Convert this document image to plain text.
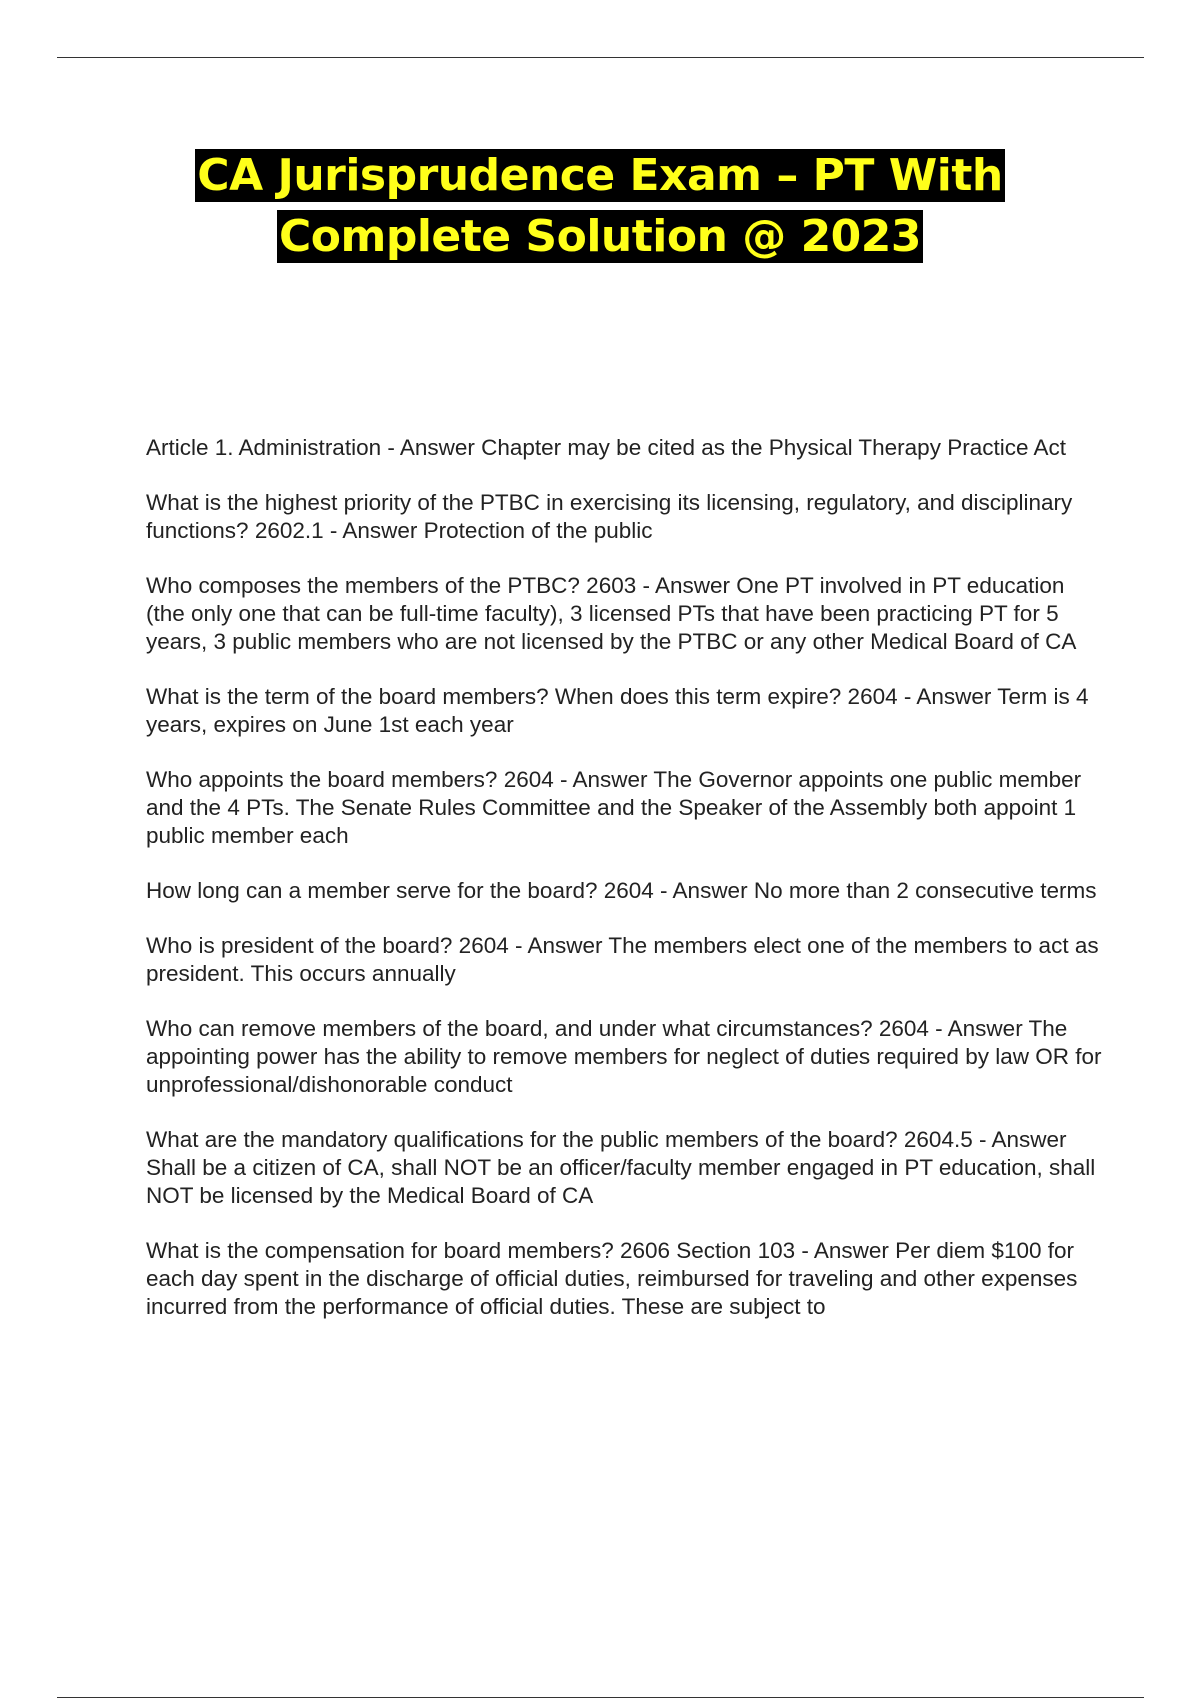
CA Jurisprudence Exam – PT With
Complete Solution @ 2023

Article 1. Administration - Answer Chapter may be cited as the Physical Therapy Practice Act

What is the highest priority of the PTBC in exercising its licensing, regulatory, and disciplinary functions? 2602.1 - Answer Protection of the public

Who composes the members of the PTBC? 2603 - Answer One PT involved in PT education (the only one that can be full-time faculty), 3 licensed PTs that have been practicing PT for 5 years, 3 public members who are not licensed by the PTBC or any other Medical Board of CA

What is the term of the board members? When does this term expire? 2604 - Answer Term is 4 years, expires on June 1st each year

Who appoints the board members? 2604 - Answer The Governor appoints one public member and the 4 PTs. The Senate Rules Committee and the Speaker of the Assembly both appoint 1 public member each

How long can a member serve for the board? 2604 - Answer No more than 2 consecutive terms

Who is president of the board? 2604 - Answer The members elect one of the members to act as president. This occurs annually

Who can remove members of the board, and under what circumstances? 2604 - Answer The appointing power has the ability to remove members for neglect of duties required by law OR for unprofessional/dishonorable conduct

What are the mandatory qualifications for the public members of the board? 2604.5 - Answer Shall be a citizen of CA, shall NOT be an officer/faculty member engaged in PT education, shall NOT be licensed by the Medical Board of CA

What is the compensation for board members? 2606 Section 103 - Answer Per diem $100 for each day spent in the discharge of official duties, reimbursed for traveling and other expenses incurred from the performance of official duties. These are subject to
